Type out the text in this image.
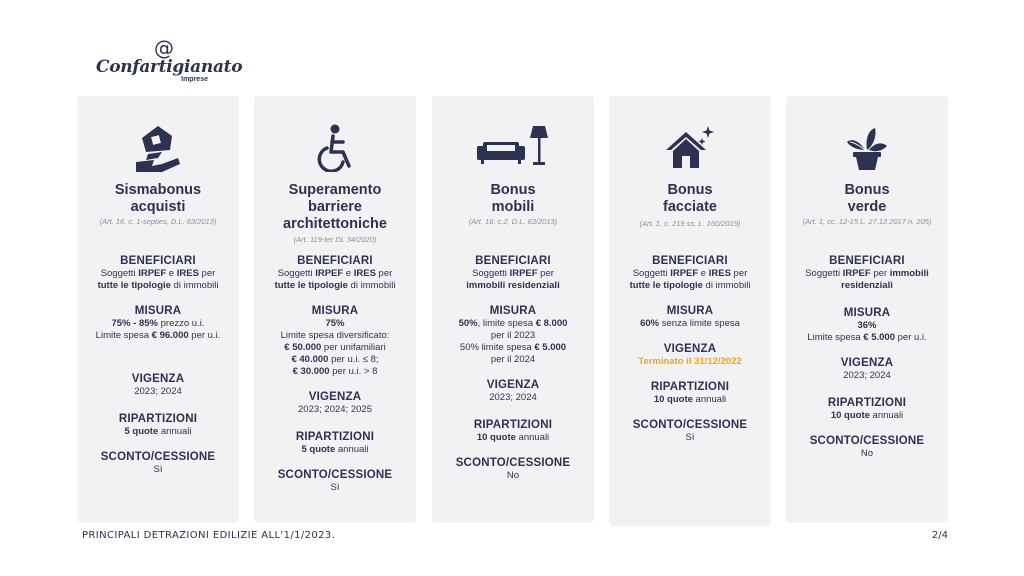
@
Confartigianato
Imprese
Sismabonus
acquisti
(Art. 16, c. 1-septies, D.L. 63/2013)
BENEFICIARI
Soggetti IRPEF e IRES per
tutte le tipologie di immobili
MISURA
75% - 85% prezzo u.i.
Limite spesa € 96.000 per u.i.
VIGENZA
2023; 2024
RIPARTIZIONI
5 quote annuali
SCONTO/CESSIONE
Sì
Superamento
barriere
architettoniche
(Art. 119-ter DL 34/2020)
BENEFICIARI
Soggetti IRPEF e IRES per
tutte le tipologie di immobili
MISURA
75%
Limite spesa diversificato:
€ 50.000 per unifamiliari
€ 40.000 per u.i. ≤ 8;
€ 30.000 per u.i. > 8
VIGENZA
2023; 2024; 2025
RIPARTIZIONI
5 quote annuali
SCONTO/CESSIONE
Sì
Bonus
mobili
(Art. 16, c.2, D.L. 63/2013)
BENEFICIARI
Soggetti IRPEF per
immobili residenziali
MISURA
50%, limite spesa € 8.000
per il 2023
50% limite spesa € 5.000
per il 2024
VIGENZA
2023; 2024
RIPARTIZIONI
10 quote annuali
SCONTO/CESSIONE
No
Bonus
facciate
(Art. 1, c. 219 ss, L. 160/2019)
BENEFICIARI
Soggetti IRPEF e IRES per
tutte le tipologie di immobili
MISURA
60% senza limite spesa
VIGENZA
Terminato il 31/12/2022
RIPARTIZIONI
10 quote annuali
SCONTO/CESSIONE
Sì
Bonus
verde
(Art. 1, cc. 12-15 L. 27.12.2017 n. 205)
BENEFICIARI
Soggetti IRPEF per immobili
residenziali
MISURA
36%
Limite spesa € 5.000 per u.i.
VIGENZA
2023; 2024
RIPARTIZIONI
10 quote annuali
SCONTO/CESSIONE
No
PRINCIPALI DETRAZIONI EDILIZIE ALL'1/1/2023.	2/4
